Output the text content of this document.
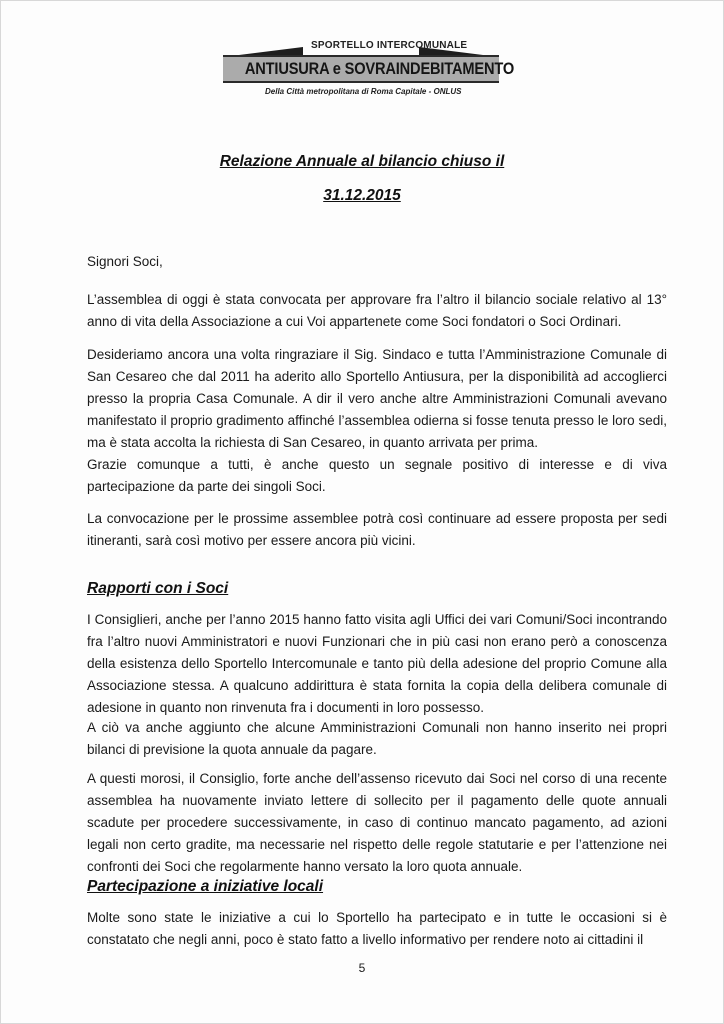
SPORTELLO INTERCOMUNALE
ANTIUSURA e SOVRAINDEBITAMENTO
Della Città metropolitana di Roma Capitale - ONLUS
Relazione Annuale al bilancio chiuso il
31.12.2015
Signori Soci,

L’assemblea di oggi è stata convocata per approvare fra l’altro il bilancio sociale relativo al 13° anno di vita della Associazione a cui Voi appartenete come Soci fondatori o Soci Ordinari.

Desideriamo ancora una volta ringraziare il Sig. Sindaco e tutta l’Amministrazione Comunale di San Cesareo che dal 2011 ha aderito allo Sportello Antiusura, per la disponibilità ad accoglierci presso la propria Casa Comunale. A dir il vero anche altre Amministrazioni Comunali avevano manifestato il proprio gradimento affinché l’assemblea odierna si fosse tenuta presso le loro sedi, ma è stata accolta la richiesta di San Cesareo, in quanto arrivata per prima.

Grazie comunque a tutti, è anche questo un segnale positivo di interesse e di viva partecipazione da parte dei singoli Soci.

La convocazione per le prossime assemblee potrà così continuare ad essere proposta per sedi itineranti, sarà così motivo per essere ancora più vicini.

Rapporti con i Soci

I Consiglieri, anche per l’anno 2015 hanno fatto visita agli Uffici dei vari Comuni/Soci incontrando fra l’altro nuovi Amministratori e nuovi Funzionari che in più casi non erano però a conoscenza della esistenza dello Sportello Intercomunale e tanto più della adesione del proprio Comune alla Associazione stessa. A qualcuno addirittura è stata fornita la copia della delibera comunale di adesione in quanto non rinvenuta fra i documenti in loro possesso.

A ciò va anche aggiunto che alcune Amministrazioni Comunali non hanno inserito nei propri bilanci di previsione la quota annuale da pagare.

A questi morosi, il Consiglio, forte anche dell’assenso ricevuto dai Soci nel corso di una recente assemblea ha nuovamente inviato lettere di sollecito per il pagamento delle quote annuali scadute per procedere successivamente, in caso di continuo mancato pagamento, ad azioni legali non certo gradite, ma necessarie nel rispetto delle regole statutarie e per l’attenzione nei confronti dei Soci che regolarmente hanno versato la loro quota annuale.

Partecipazione a iniziative locali

Molte sono state le iniziative a cui lo Sportello ha partecipato e in tutte le occasioni si è constatato che negli anni, poco è stato fatto a livello informativo per rendere noto ai cittadini il

5
